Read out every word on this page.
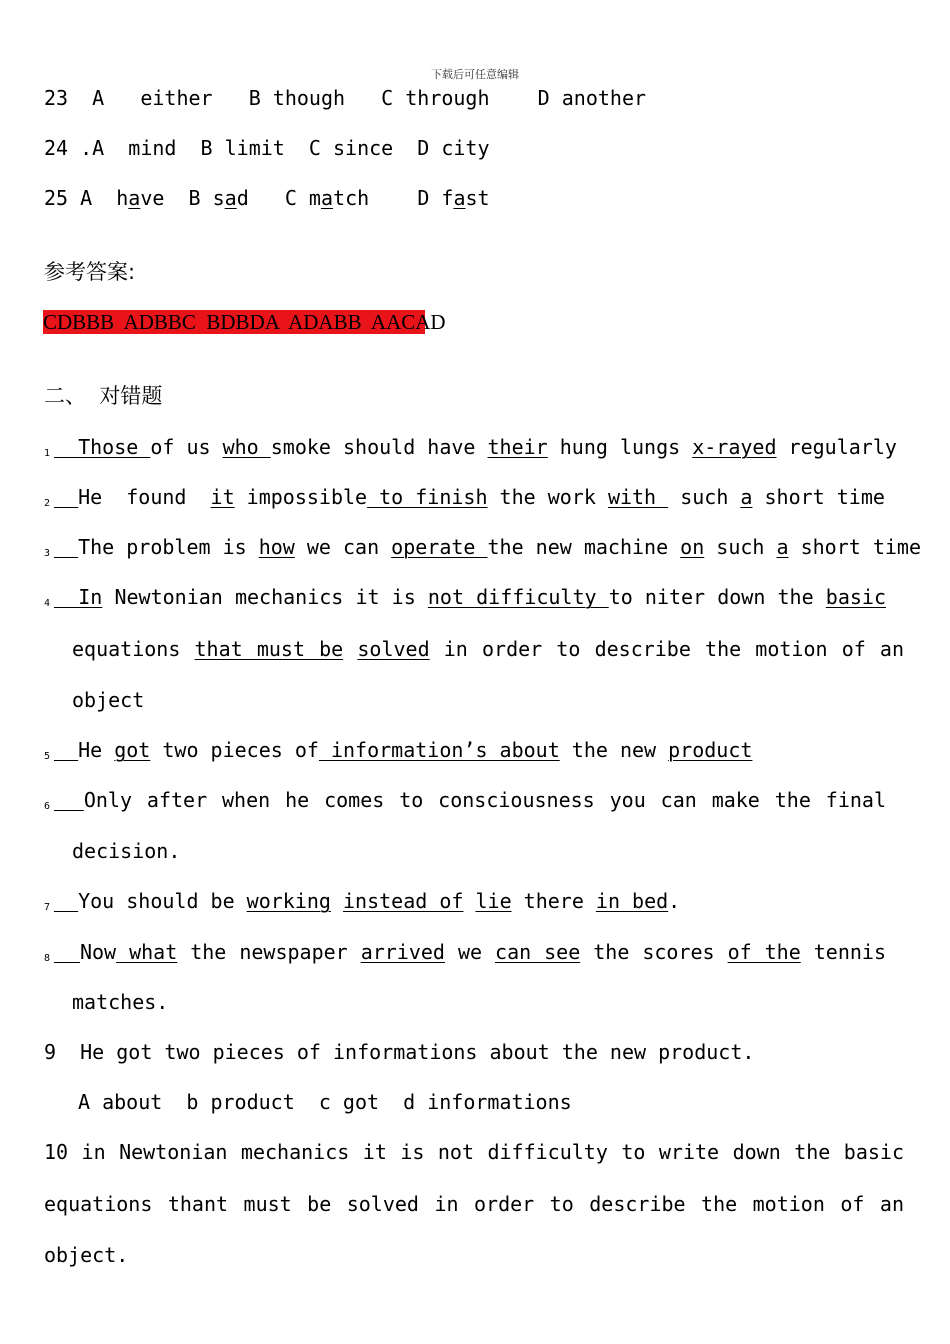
下载后可任意编辑
23  A   either   B though   C through    D another
24 .A  mind  B limit  C since  D city
25 A  have  B sad   C match    D fast
参考答案:
CDBBB  ADBBC  BDBDA  ADABB  AACAD
二、  对错题
1  Those of us who smoke should have their hung lungs x-rayed regularly
2 He  found  it impossible to finish the work with  such a short time
3 The problem is how we can operate the new machine on such a short time
4  In Newtonian mechanics it is not difficulty to niter down the basic
equations that must be solved in order to describe the motion of an
object
5 He got two pieces of information’s about the new product
6 Only after when he comes to consciousness you can make the final
decision.
7 You should be working instead of lie there in bed.
8 Now what the newspaper arrived we can see the scores of the tennis
matches.
9  He got two pieces of informations about the new product.
A about  b product  c got  d informations
10 in Newtonian mechanics it is not difficulty to write down the basic
equations thant must be solved in order to describe the motion of an
object.
